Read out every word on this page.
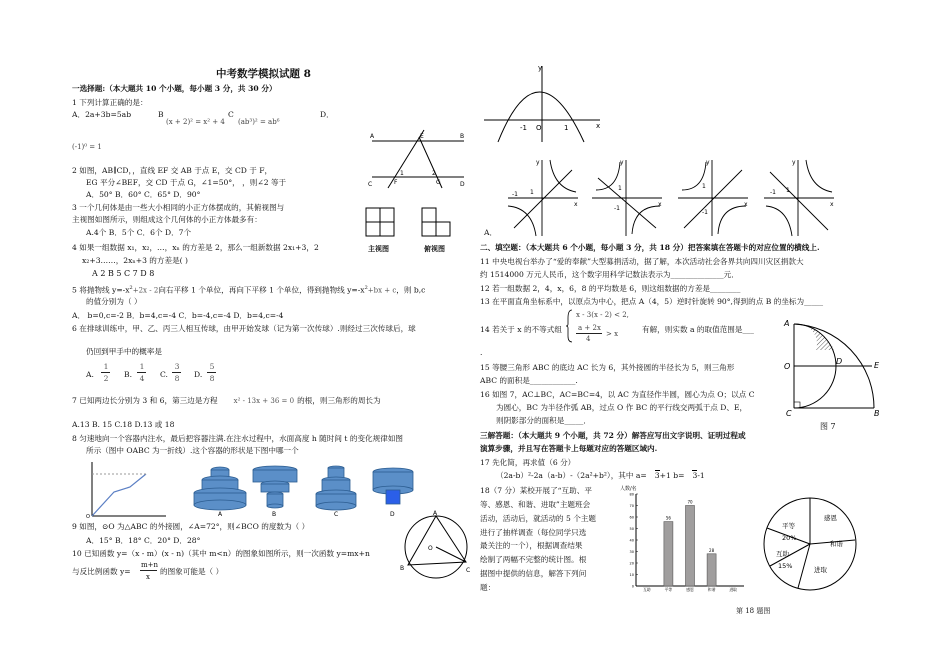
中考数学模拟试题 8
一选择题:（本大题共 10 个小题，每小题 3 分，共 30 分）
1 下列计算正确的是：
A．2a+3b=5ab	B
(x + 2)² = x² + 4
C
(ab³)² = ab⁶
D．
(-1)⁰ = 1
2 如图，AB∥CD，，直线 EF 交 AB 于点 E，交 CD 于 F，
EG 平分∠BEF，交 CD 于点 G，∠1=50°， ，则∠2 等于
A．50° B．60° C．65° D．90°
3 一个几何体是由一些大小相同的小正方体摆成的，其俯视图与
主视图如图所示，则组成这个几何体的小正方体最多有：
A.4个 B．5个 C．6个 D．7个
4 如果一组数据 x₁，x₂，…，xₙ 的方差是 2，那么一组新数据 2x₁+3，2
x₂+3……，2xₙ+3 的方差是( )
A 2 B 5 C 7 D 8
5 将抛物线 $y=-x^2+2x - 2$向右平移 1 个单位，再向下平移 1 个单位，得到抛物线 $y=-x^2+bx + c$，则 b,c
的值分别为（ ）
A． b=0,c=-2 B．b=4,c=-4 C．b=-4,c=-4 D．b=4,c=-4
6 在排球训练中，甲、乙、丙三人相互传球，由甲开始发球（记为第一次传球）.则经过三次传球后，球
仍回到甲手中的概率是
A.
1
2	B.
1
4	C.
3
8	D.
5
8
7 已知两边长分别为 3 和 6，第三边是方程 x² - 13x + 36 = 0 的根，则三角形的周长为
A.13 B. 15 C.18 D.13 或 18
8 匀速地向一个容器内注水，最后把容器注满.在注水过程中，水面高度 h 随时间 t 的变化规律如图
所示（图中 OABC 为一折线）.这个容器的形状是下图中哪一个
9 如图，⊙O 为△ABC 的外接圆，∠A=72°，则∠BCO 的度数为（ ）
A．15° B．18° C．20° D．28°
10 已知函数 y=（x - m）(x - n)（其中 m<n）的图象如图所示，则一次函数 y=mx+n
与反比例函数 y=
m+n
x
的图象可能是（ ）
A	E	B
C	F	G	D
1	2
主视图	俯视图
O	A	B	C	D	A
B	C
O
y
x
-1 O	1
y
x
1
-1
y
x
1
-1
y
x
1
-1
y
x
1
-1
A．
二、填空题：（本大题共 6 个小题，每小题 3 分，共 18 分）把答案填在答题卡的对应位置的横线上.
11 中央电视台举办了“爱的奉献”大型募捐活动，据了解，本次活动社会各界共向四川灾区捐款大
约 1514000 万元人民币，这个数字用科学记数法表示为______________元．
12 若一组数据 2，4，x，6，8 的平均数是 6，则这组数据的方差是________
13 在平面直角坐标系中，以原点为中心，把点 A（4，5）逆时针旋转 90°,得到的点 B 的坐标为_____
14 若关于 x 的不等式组
x - 3(x - 2) < 2,
a + 2x
4
> x	有解，则实数 a 的取值范围是___
.
15 等腰三角形 ABC 的底边 AC 长为 6，其外接圆的半径长为 5，则三角形
ABC 的面积是____________.
16 如图 7，AC⊥BC，AC=BC=4，以 AC 为直径作半圆，圆心为点 O；以点 C
为圆心，BC 为半径作弧 AB，过点 O 作 BC 的平行线交两弧于点 D、E，
则阴影部分的面积是_____．
A
O
D	E
C	B
图 7
三解答题：（本大题共 9 个小题，共 72 分）解答应写出文字说明、证明过程或
演算步骤，并且写在答题卡上每题对应的答题区域内.
17 先化简，再求值（6 分）
（2a-b）²-2a（a-b）-（2a²+b²），其中 a= 3+1 b= 3-1
18（7 分）某校开展了“互助、平
等、感恩、和谐、进取”主题班会
活动，活动后，就活动的 5 个主题
进行了抽样调查（每位同学只选
最关注的一个），根据调查结果
绘制了两幅不完整的统计图。根
据图中提供的信息，解答下列问
题：
人数/名
0
10
20
30
40
50
60
70
80
互助
56
平等
70
感恩
28
和谐	进取
感恩
平等
20%
和谐
互助
15%	进取
第 18 题图
